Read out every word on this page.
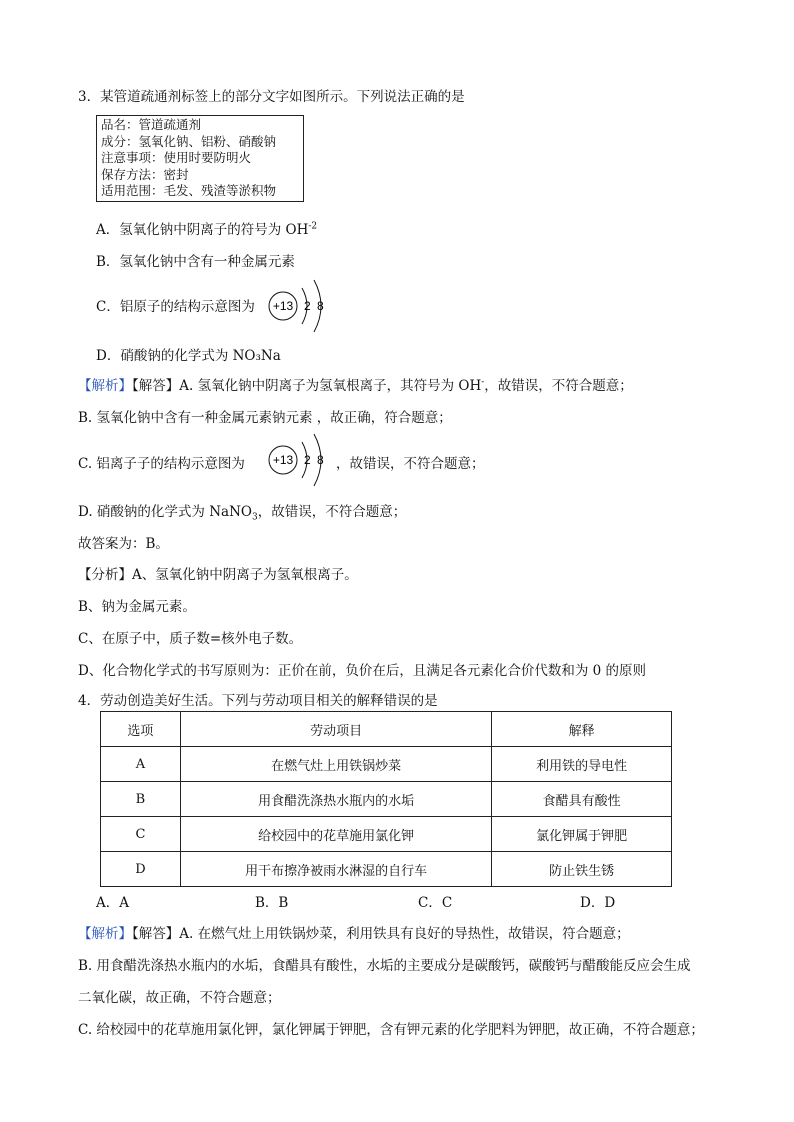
3．某管道疏通剂标签上的部分文字如图所示。下列说法正确的是
品名：管道疏通剂
成分：氢氧化钠、铝粉、硝酸钠
注意事项：使用时要防明火
保存方法：密封
适用范围：毛发、残渣等淤积物
A．氢氧化钠中阴离子的符号为 $OH^{-2}$
B．氢氧化钠中含有一种金属元素
C．铝原子的结构示意图为 +13 2 8
D．硝酸钠的化学式为 NO₃Na
【解析】【解答】A. 氢氧化钠中阴离子为氢氧根离子，其符号为 OH-，故错误，不符合题意；
B. 氢氧化钠中含有一种金属元素钠元素 ，故正确，符合题意；
C. 铝离子子的结构示意图为 +13 2 8 ，故错误，不符合题意；
D. 硝酸钠的化学式为 NaNO$_3$，故错误，不符合题意；
故答案为：B。
【分析】A、氢氧化钠中阴离子为氢氧根离子。
B、钠为金属元素。
C、在原子中，质子数=核外电子数。
D、化合物化学式的书写原则为：正价在前，负价在后，且满足各元素化合价代数和为 0 的原则
4．劳动创造美好生活。下列与劳动项目相关的解释错误的是
选项	劳动项目	解释
A	在燃气灶上用铁锅炒菜	利用铁的导电性
B	用食醋洗涤热水瓶内的水垢	食醋具有酸性
C	给校园中的花草施用氯化钾	氯化钾属于钾肥
D	用干布擦净被雨水淋湿的自行车	防止铁生锈
A．A	B．B	C．C	D．D
【解析】【解答】A. 在燃气灶上用铁锅炒菜，利用铁具有良好的导热性，故错误，符合题意；
B. 用食醋洗涤热水瓶内的水垢，食醋具有酸性，水垢的主要成分是碳酸钙，碳酸钙与醋酸能反应会生成
二氧化碳，故正确，不符合题意；
C. 给校园中的花草施用氯化钾，氯化钾属于钾肥，含有钾元素的化学肥料为钾肥，故正确，不符合题意；
